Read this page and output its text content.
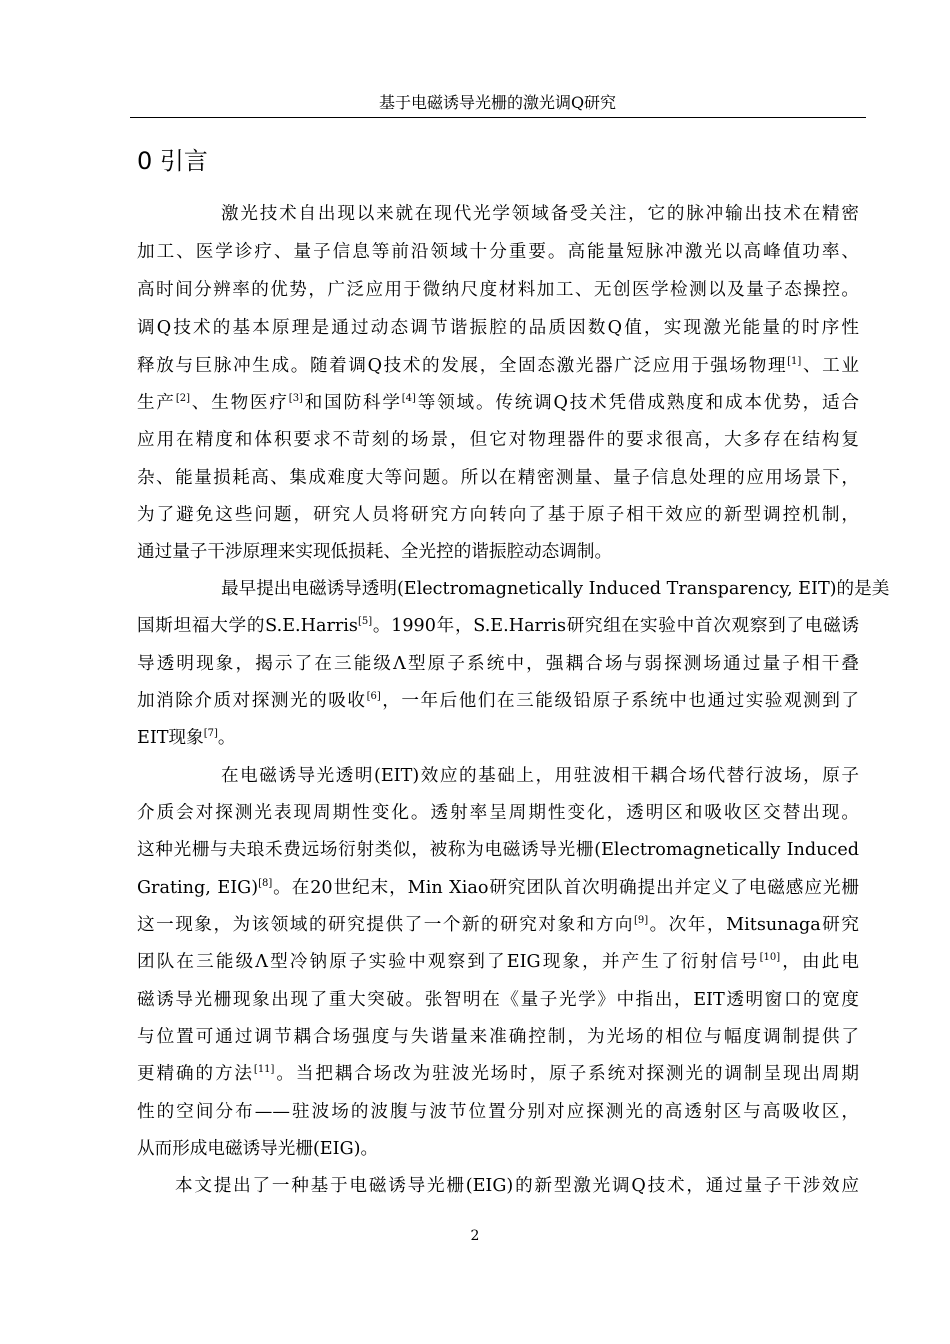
基于电磁诱导光栅的激光调Q研究
0 引言
激光技术自出现以来就在现代光学领域备受关注，它的脉冲输出技术在精密
加工、医学诊疗、量子信息等前沿领域十分重要。高能量短脉冲激光以高峰值功率、
高时间分辨率的优势，广泛应用于微纳尺度材料加工、无创医学检测以及量子态操控。
调Q技术的基本原理是通过动态调节谐振腔的品质因数Q值，实现激光能量的时序性
释放与巨脉冲生成。随着调Q技术的发展，全固态激光器广泛应用于强场物理[1]、工业
生产[2]、生物医疗[3]和国防科学[4]等领域。传统调Q技术凭借成熟度和成本优势，适合
应用在精度和体积要求不苛刻的场景，但它对物理器件的要求很高，大多存在结构复
杂、能量损耗高、集成难度大等问题。所以在精密测量、量子信息处理的应用场景下，
为了避免这些问题，研究人员将研究方向转向了基于原子相干效应的新型调控机制，
通过量子干涉原理来实现低损耗、全光控的谐振腔动态调制。
最早提出电磁诱导透明(Electromagnetically Induced Transparency, EIT)的是美
国斯坦福大学的S.E.Harris[5]。1990年，S.E.Harris研究组在实验中首次观察到了电磁诱
导透明现象，揭示了在三能级Λ型原子系统中，强耦合场与弱探测场通过量子相干叠
加消除介质对探测光的吸收[6]，一年后他们在三能级铅原子系统中也通过实验观测到了
EIT现象[7]。
在电磁诱导光透明(EIT)效应的基础上，用驻波相干耦合场代替行波场，原子
介质会对探测光表现周期性变化。透射率呈周期性变化，透明区和吸收区交替出现。
这种光栅与夫琅禾费远场衍射类似，被称为电磁诱导光栅(Electromagnetically Induced
Grating, EIG)[8]。在20世纪末，Min Xiao研究团队首次明确提出并定义了电磁感应光栅
这一现象，为该领域的研究提供了一个新的研究对象和方向[9]。次年，Mitsunaga研究
团队在三能级Λ型冷钠原子实验中观察到了EIG现象，并产生了衍射信号[10]，由此电
磁诱导光栅现象出现了重大突破。张智明在《量子光学》中指出，EIT透明窗口的宽度
与位置可通过调节耦合场强度与失谐量来准确控制，为光场的相位与幅度调制提供了
更精确的方法[11]。当把耦合场改为驻波光场时，原子系统对探测光的调制呈现出周期
性的空间分布——驻波场的波腹与波节位置分别对应探测光的高透射区与高吸收区，
从而形成电磁诱导光栅(EIG)。
本文提出了一种基于电磁诱导光栅(EIG)的新型激光调Q技术，通过量子干涉效应
2
